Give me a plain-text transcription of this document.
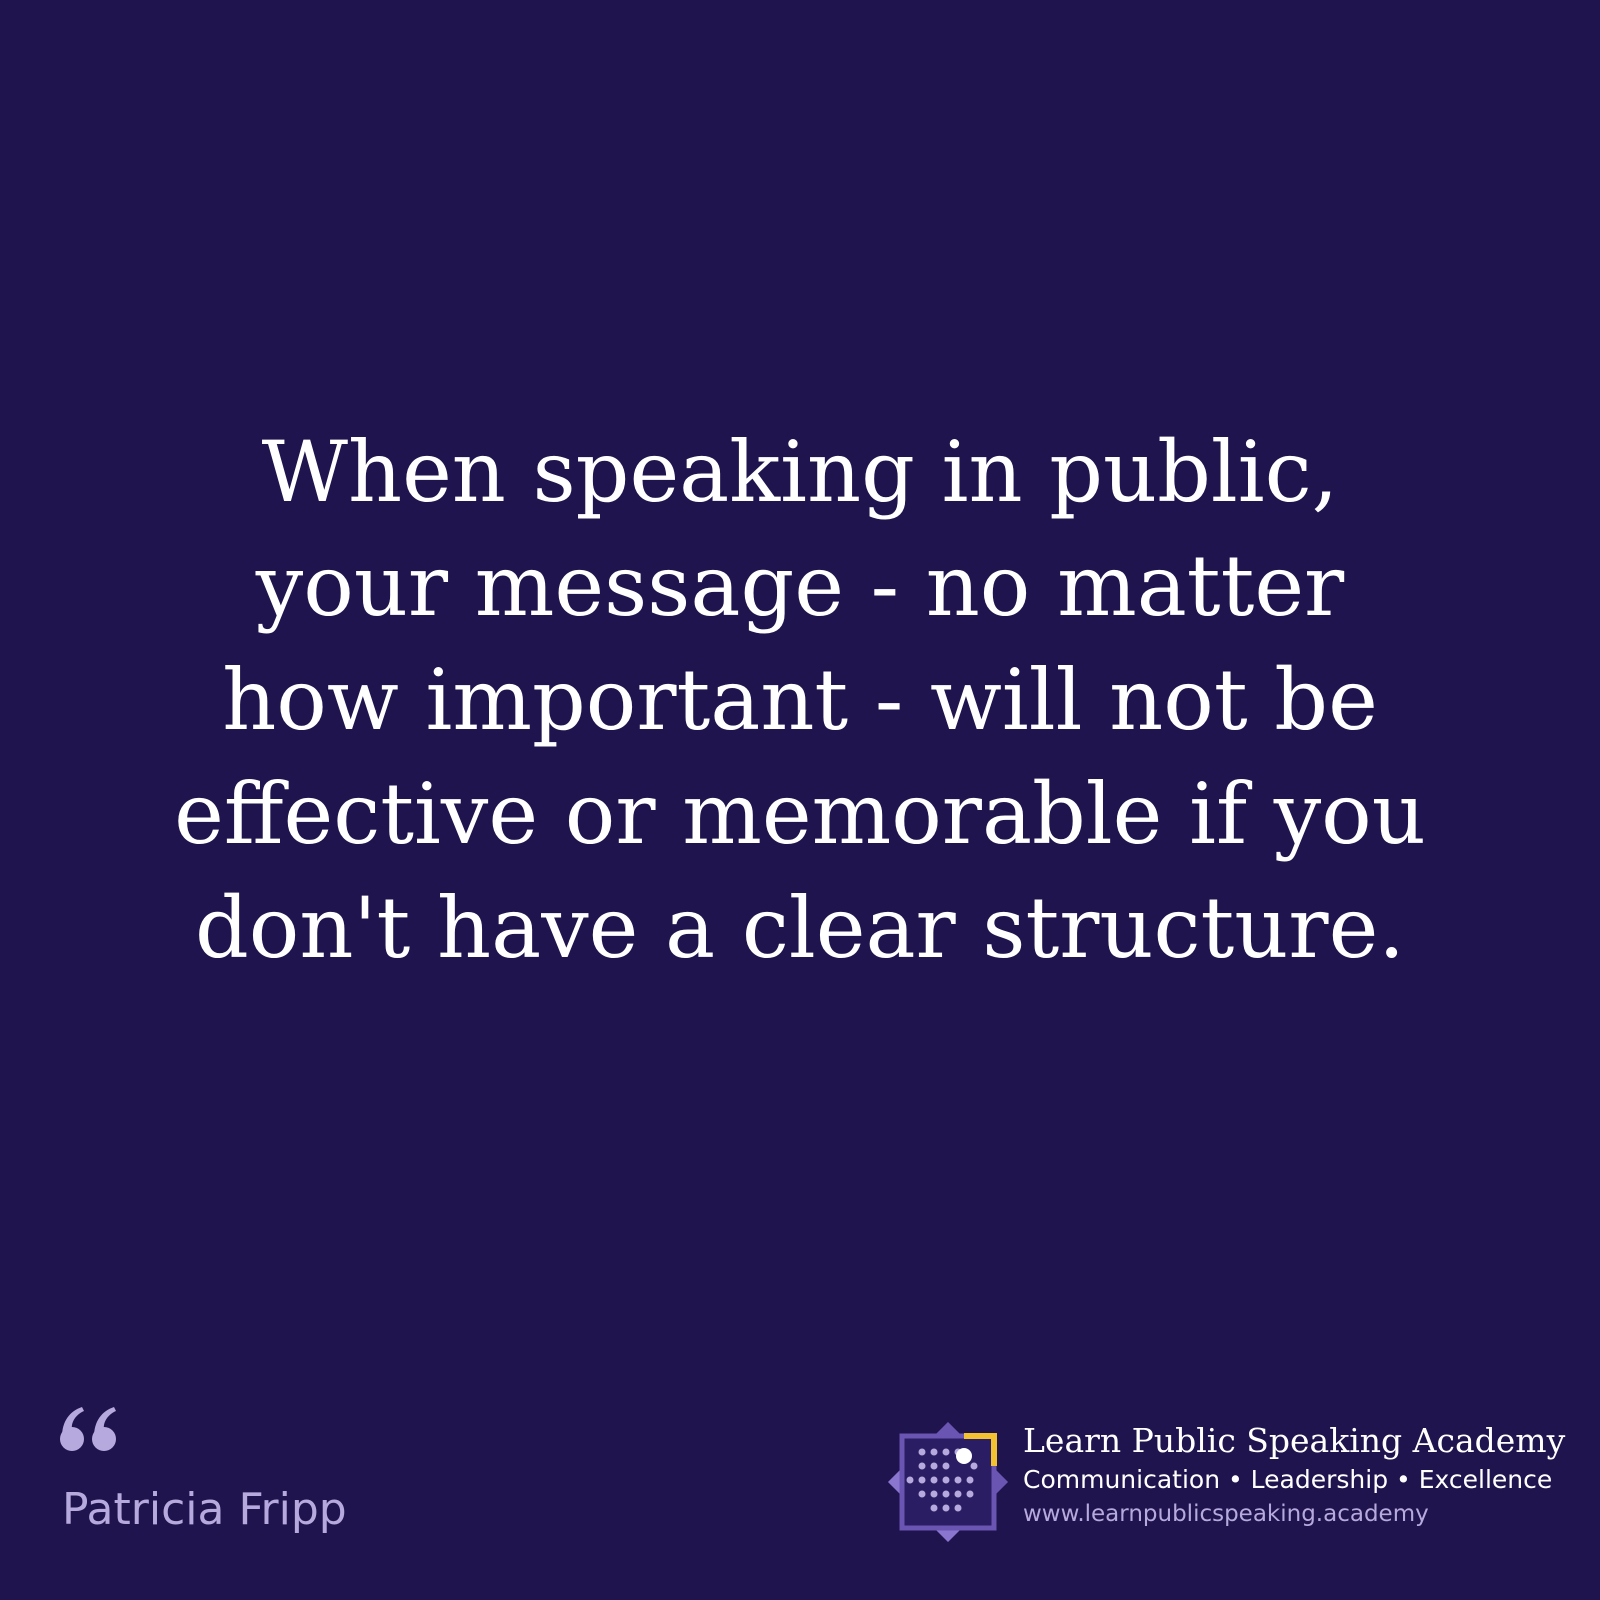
When speaking in public,
your message - no matter
how important - will not be
effective or memorable if you
don't have a clear structure.
Patricia Fripp
Learn Public Speaking Academy
Communication • Leadership • Excellence
www.learnpublicspeaking.academy
